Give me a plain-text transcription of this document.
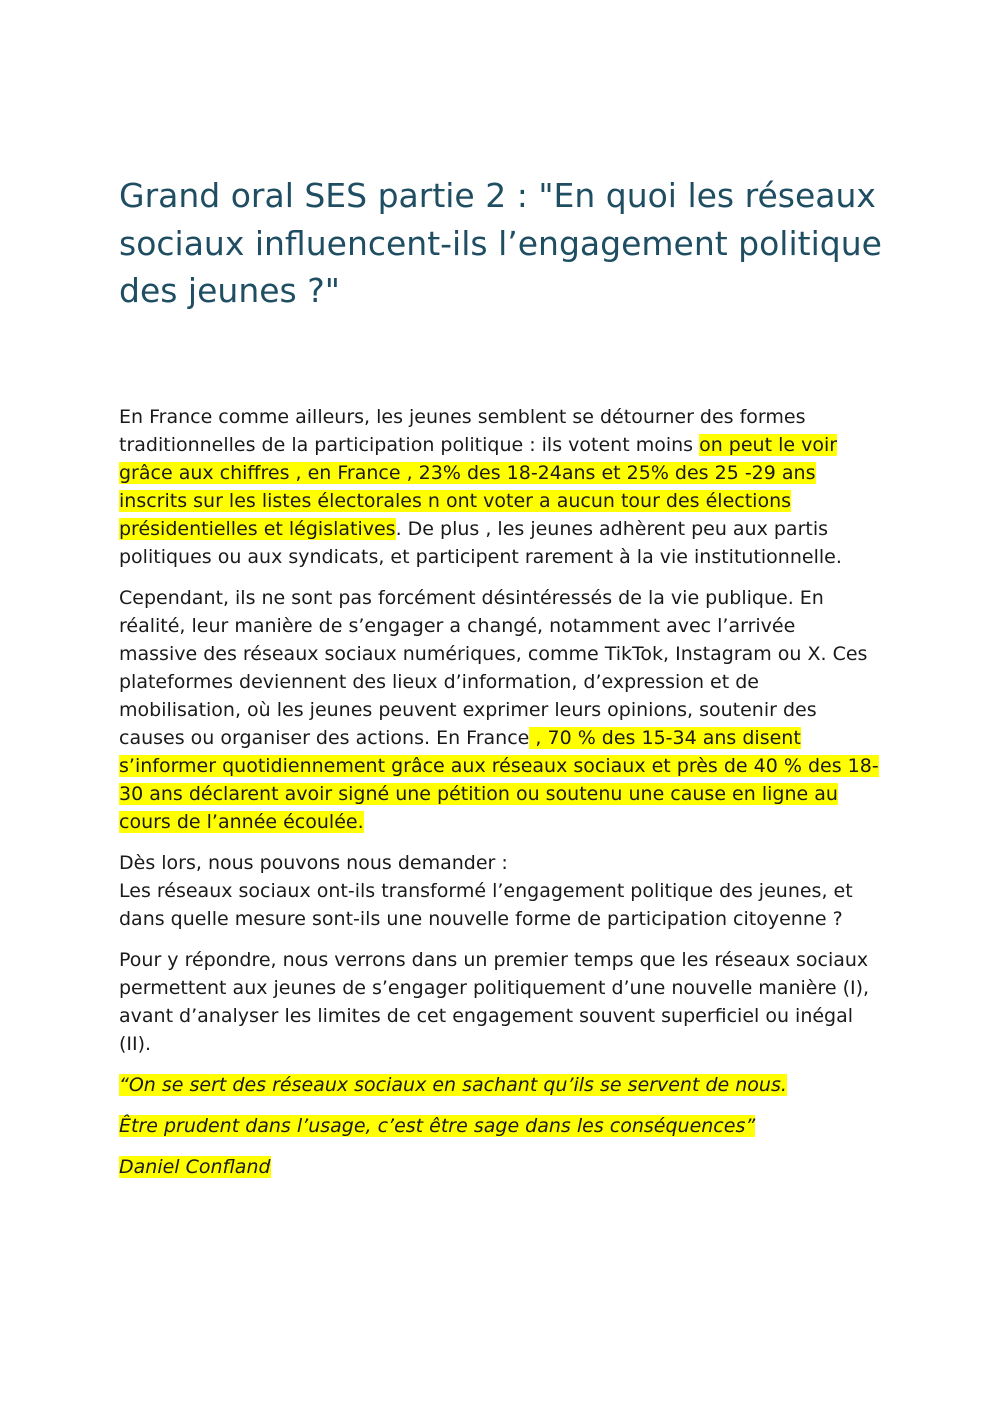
Grand oral SES partie 2 : "En quoi les réseaux sociaux influencent-ils l’engagement politique des jeunes ?"

En France comme ailleurs, les jeunes semblent se détourner des formes traditionnelles de la participation politique : ils votent moins on peut le voir grâce aux chiffres , en France , 23% des 18-24ans et 25% des 25 -29 ans inscrits sur les listes électorales n ont voter a aucun tour des élections présidentielles et législatives. De plus , les jeunes adhèrent peu aux partis politiques ou aux syndicats, et participent rarement à la vie institutionnelle.

Cependant, ils ne sont pas forcément désintéressés de la vie publique. En réalité, leur manière de s’engager a changé, notamment avec l’arrivée massive des réseaux sociaux numériques, comme TikTok, Instagram ou X. Ces plateformes deviennent des lieux d’information, d’expression et de mobilisation, où les jeunes peuvent exprimer leurs opinions, soutenir des causes ou organiser des actions. En France , 70 % des 15-34 ans disent s’informer quotidiennement grâce aux réseaux sociaux et près de 40 % des 18-30 ans déclarent avoir signé une pétition ou soutenu une cause en ligne au cours de l’année écoulée.

Dès lors, nous pouvons nous demander :
Les réseaux sociaux ont-ils transformé l’engagement politique des jeunes, et dans quelle mesure sont-ils une nouvelle forme de participation citoyenne ?

Pour y répondre, nous verrons dans un premier temps que les réseaux sociaux permettent aux jeunes de s’engager politiquement d’une nouvelle manière (I), avant d’analyser les limites de cet engagement souvent superficiel ou inégal (II).

“On se sert des réseaux sociaux en sachant qu’ils se servent de nous.

Être prudent dans l’usage, c’est être sage dans les conséquences”

Daniel Confland
